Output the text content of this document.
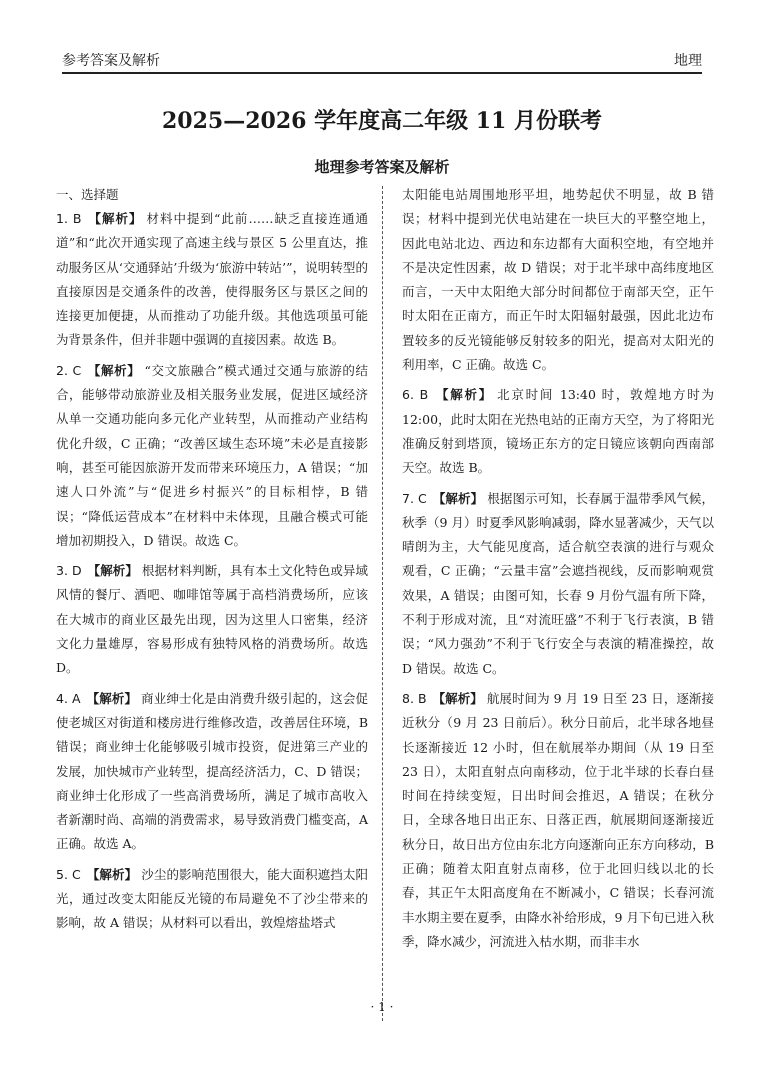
参考答案及解析	地理
2025—2026 学年度高二年级 11 月份联考
地理参考答案及解析
一、选择题
1. B 【解析】 材料中提到“此前……缺乏直接连通通道”和“此次开通实现了高速主线与景区 5 公里直达，推动服务区从‘交通驿站’升级为‘旅游中转站’”，说明转型的直接原因是交通条件的改善，使得服务区与景区之间的连接更加便捷，从而推动了功能升级。其他选项虽可能为背景条件，但并非题中强调的直接因素。故选 B。
2. C 【解析】 “交文旅融合”模式通过交通与旅游的结合，能够带动旅游业及相关服务业发展，促进区域经济从单一交通功能向多元化产业转型，从而推动产业结构优化升级，C 正确；“改善区域生态环境”未必是直接影响，甚至可能因旅游开发而带来环境压力，A 错误；“加速人口外流”与“促进乡村振兴”的目标相悖，B 错误；“降低运营成本”在材料中未体现，且融合模式可能增加初期投入，D 错误。故选 C。
3. D 【解析】 根据材料判断，具有本土文化特色或异域风情的餐厅、酒吧、咖啡馆等属于高档消费场所，应该在大城市的商业区最先出现，因为这里人口密集，经济文化力量雄厚，容易形成有独特风格的消费场所。故选 D。
4. A 【解析】 商业绅士化是由消费升级引起的，这会促使老城区对街道和楼房进行维修改造，改善居住环境，B 错误；商业绅士化能够吸引城市投资，促进第三产业的发展，加快城市产业转型，提高经济活力，C、D 错误；商业绅士化形成了一些高消费场所，满足了城市高收入者新潮时尚、高端的消费需求，易导致消费门槛变高，A 正确。故选 A。
5. C 【解析】 沙尘的影响范围很大，能大面积遮挡太阳光，通过改变太阳能反光镜的布局避免不了沙尘带来的影响，故 A 错误；从材料可以看出，敦煌熔盐塔式
太阳能电站周围地形平坦，地势起伏不明显，故 B 错误；材料中提到光伏电站建在一块巨大的平整空地上，因此电站北边、西边和东边都有大面积空地，有空地并不是决定性因素，故 D 错误；对于北半球中高纬度地区而言，一天中太阳绝大部分时间都位于南部天空，正午时太阳在正南方，而正午时太阳辐射最强，因此北边布置较多的反光镜能够反射较多的阳光，提高对太阳光的利用率，C 正确。故选 C。
6. B 【解析】 北京时间 13:40 时，敦煌地方时为 12:00，此时太阳在光热电站的正南方天空，为了将阳光准确反射到塔顶，镜场正东方的定日镜应该朝向西南部天空。故选 B。
7. C 【解析】 根据图示可知，长春属于温带季风气候，秋季（9 月）时夏季风影响减弱，降水显著减少，天气以晴朗为主，大气能见度高，适合航空表演的进行与观众观看，C 正确；“云量丰富”会遮挡视线，反而影响观赏效果，A 错误；由图可知，长春 9 月份气温有所下降，不利于形成对流，且“对流旺盛”不利于飞行表演，B 错误；“风力强劲”不利于飞行安全与表演的精准操控，故 D 错误。故选 C。
8. B 【解析】 航展时间为 9 月 19 日至 23 日，逐渐接近秋分（9 月 23 日前后）。秋分日前后，北半球各地昼长逐渐接近 12 小时，但在航展举办期间（从 19 日至 23 日），太阳直射点向南移动，位于北半球的长春白昼时间在持续变短，日出时间会推迟，A 错误；在秋分日，全球各地日出正东、日落正西，航展期间逐渐接近秋分日，故日出方位由东北方向逐渐向正东方向移动，B 正确；随着太阳直射点南移，位于北回归线以北的长春，其正午太阳高度角在不断减小，C 错误；长春河流丰水期主要在夏季，由降水补给形成，9 月下旬已进入秋季，降水减少，河流进入枯水期，而非丰水
· 1 ·
